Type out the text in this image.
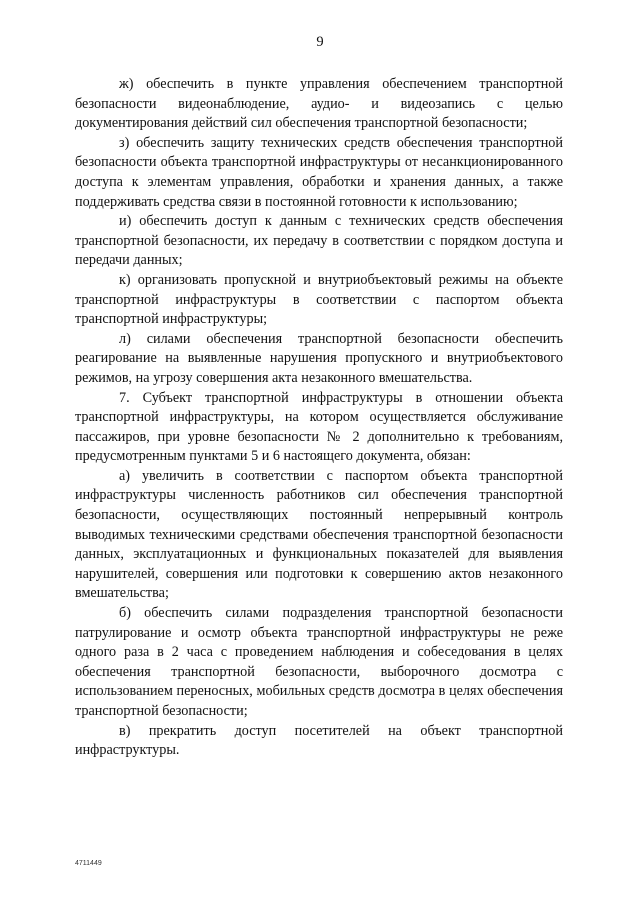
9

ж) обеспечить в пункте управления обеспечением транспортной безопасности видеонаблюдение, аудио- и видеозапись с целью документирования действий сил обеспечения транспортной безопасности;

з) обеспечить защиту технических средств обеспечения транспортной безопасности объекта транспортной инфраструктуры от несанкционированного доступа к элементам управления, обработки и хранения данных, а также поддерживать средства связи в постоянной готовности к использованию;

и) обеспечить доступ к данным с технических средств обеспечения транспортной безопасности, их передачу в соответствии с порядком доступа и передачи данных;

к) организовать пропускной и внутриобъектовый режимы на объекте транспортной инфраструктуры в соответствии с паспортом объекта транспортной инфраструктуры;

л) силами обеспечения транспортной безопасности обеспечить реагирование на выявленные нарушения пропускного и внутриобъектового режимов, на угрозу совершения акта незаконного вмешательства.

7. Субъект транспортной инфраструктуры в отношении объекта транспортной инфраструктуры, на котором осуществляется обслуживание пассажиров, при уровне безопасности № 2 дополнительно к требованиям, предусмотренным пунктами 5 и 6 настоящего документа, обязан:

а) увеличить в соответствии с паспортом объекта транспортной инфраструктуры численность работников сил обеспечения транспортной безопасности, осуществляющих постоянный непрерывный контроль выводимых техническими средствами обеспечения транспортной безопасности данных, эксплуатационных и функциональных показателей для выявления нарушителей, совершения или подготовки к совершению актов незаконного вмешательства;

б) обеспечить силами подразделения транспортной безопасности патрулирование и осмотр объекта транспортной инфраструктуры не реже одного раза в 2 часа с проведением наблюдения и собеседования в целях обеспечения транспортной безопасности, выборочного досмотра с использованием переносных, мобильных средств досмотра в целях обеспечения транспортной безопасности;

в) прекратить доступ посетителей на объект транспортной инфраструктуры.

4711449
